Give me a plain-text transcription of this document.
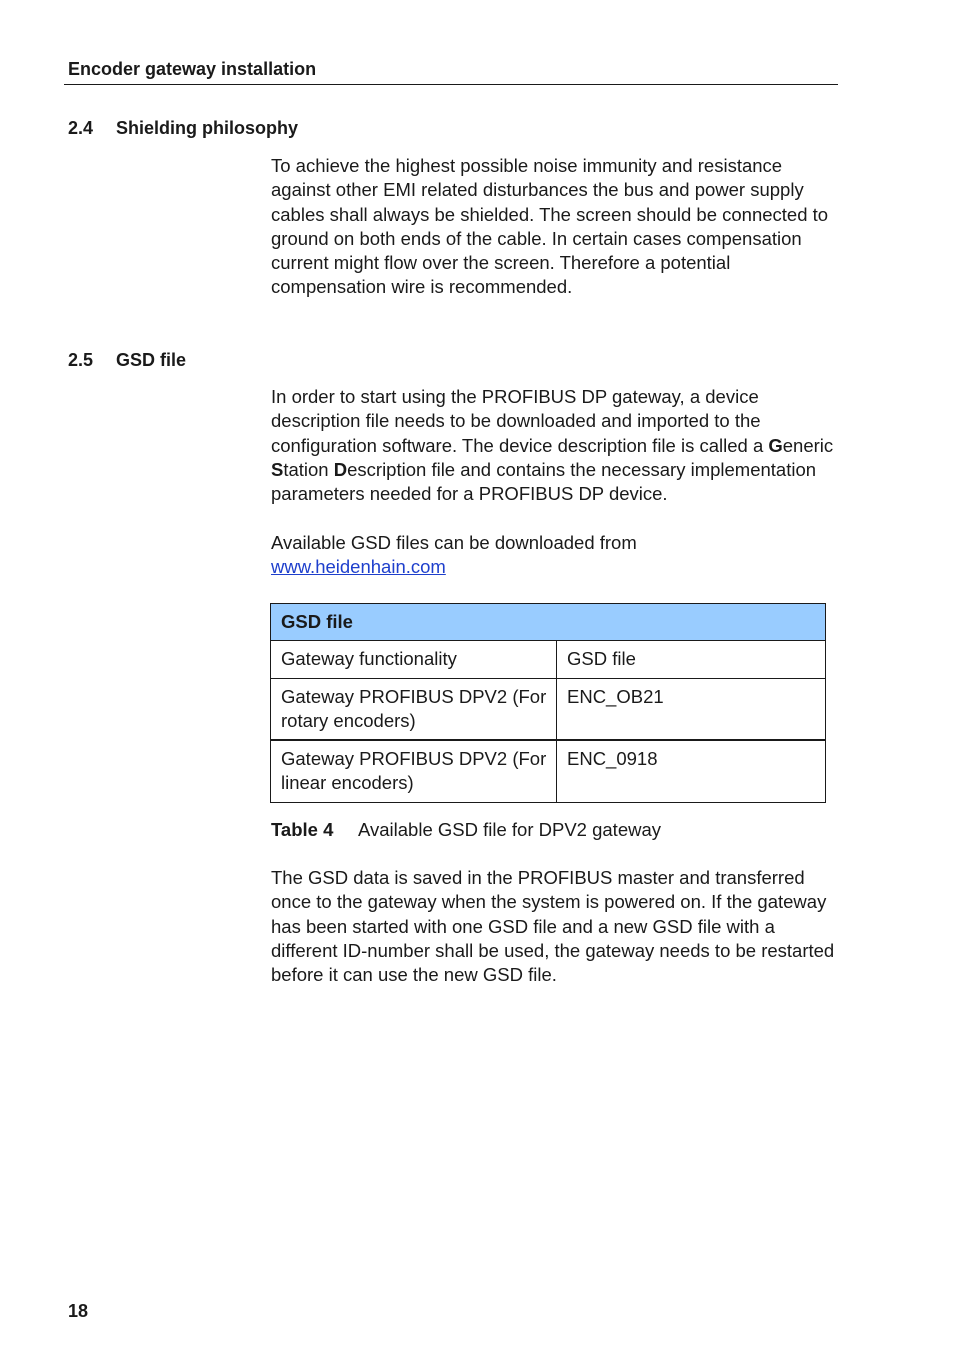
Encoder gateway installation
2.4 Shielding philosophy

To achieve the highest possible noise immunity and resistance against other EMI related disturbances the bus and power supply cables shall always be shielded. The screen should be connected to ground on both ends of the cable. In certain cases compensation current might flow over the screen. Therefore a potential compensation wire is recommended.

2.5 GSD file

In order to start using the PROFIBUS DP gateway, a device description file needs to be downloaded and imported to the configuration software. The device description file is called a Generic Station Description file and contains the necessary implementation parameters needed for a PROFIBUS DP device.

Available GSD files can be downloaded from
www.heidenhain.com

GSD file	
Gateway functionality	GSD file
Gateway PROFIBUS DPV2 (For rotary encoders)	ENC_OB21
Gateway PROFIBUS DPV2 (For linear encoders)	ENC_0918
Table 4 Available GSD file for DPV2 gateway

The GSD data is saved in the PROFIBUS master and transferred once to the gateway when the system is powered on. If the gateway has been started with one GSD file and a new GSD file with a different ID-number shall be used, the gateway needs to be restarted before it can use the new GSD file.

18
